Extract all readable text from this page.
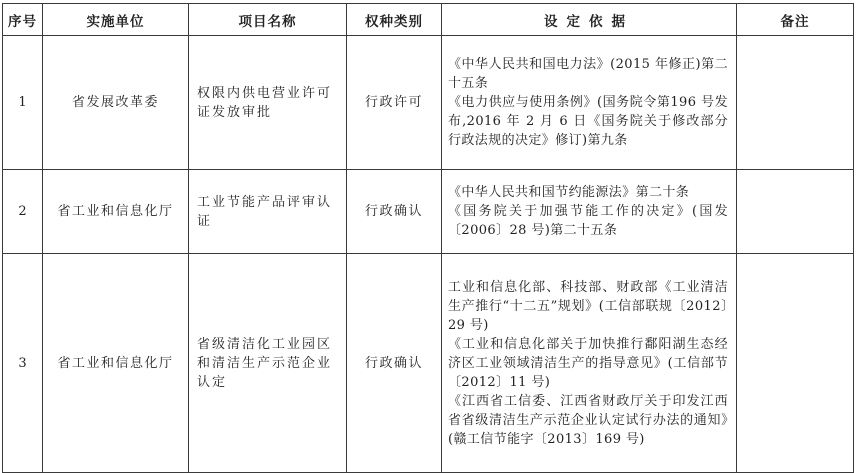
序号	实施单位	项目名称	权种类别	设定依据	备注
1	省发展改革委	权限内供电营业许可证发放审批	行政许可	《中华人民共和国电力法》(2015 年修正)第二十五条
《电力供应与使用条例》(国务院令第196 号发布,2016 年 2 月 6 日《国务院关于修改部分行政法规的决定》修订)第九条	

2	省工业和信息化厅	工业节能产品评审认证	行政确认	《中华人民共和国节约能源法》第二十条
《国务院关于加强节能工作的决定》(国发〔2006〕28 号)第二十五条	

3	省工业和信息化厅	省级清洁化工业园区和清洁生产示范企业认定	行政确认	工业和信息化部、科技部、财政部《工业清洁生产推行“十二五”规划》(工信部联规〔2012〕29 号)
《工业和信息化部关于加快推行鄱阳湖生态经济区工业领域清洁生产的指导意见》(工信部节〔2012〕11 号)
《江西省工信委、江西省财政厅关于印发江西省省级清洁生产示范企业认定试行办法的通知》(赣工信节能字〔2013〕169 号)	
